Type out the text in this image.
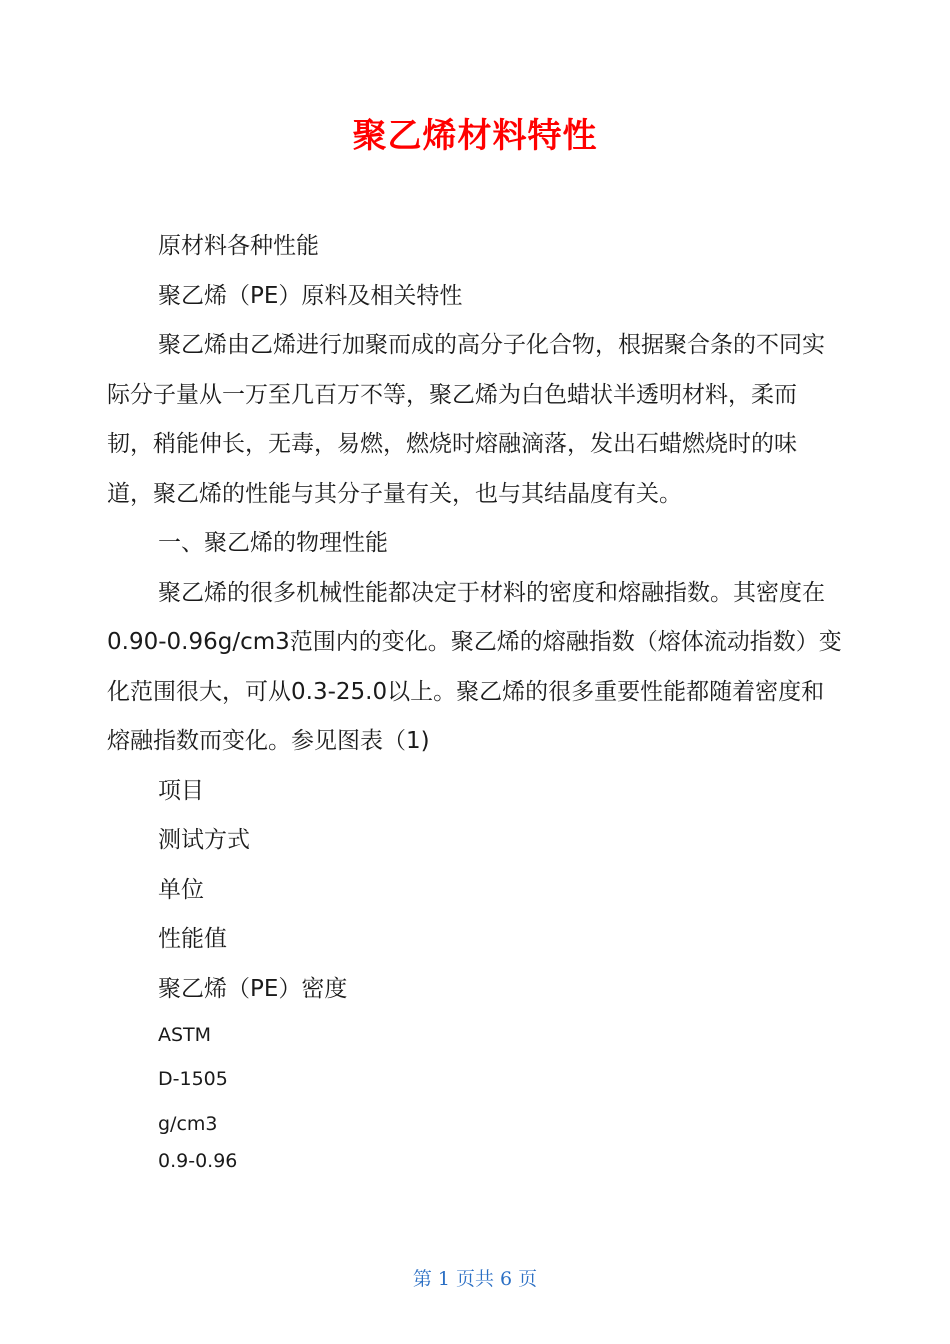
聚乙烯材料特性

原材料各种性能

聚乙烯（PE）原料及相关特性

聚乙烯由乙烯进行加聚而成的高分子化合物，根据聚合条的不同实际分子量从一万至几百万不等，聚乙烯为白色蜡状半透明材料，柔而韧，稍能伸长，无毒，易燃，燃烧时熔融滴落，发出石蜡燃烧时的味道，聚乙烯的性能与其分子量有关，也与其结晶度有关。

一、聚乙烯的物理性能

聚乙烯的很多机械性能都决定于材料的密度和熔融指数。其密度在0.90-0.96g/cm3范围内的变化。聚乙烯的熔融指数（熔体流动指数）变化范围很大，可从0.3-25.0以上。聚乙烯的很多重要性能都随着密度和熔融指数而变化。参见图表（1)

项目

测试方式

单位

性能值

聚乙烯（PE）密度

ASTM
D-1505
g/cm3
0.9-0.96
第 1 页共 6 页
